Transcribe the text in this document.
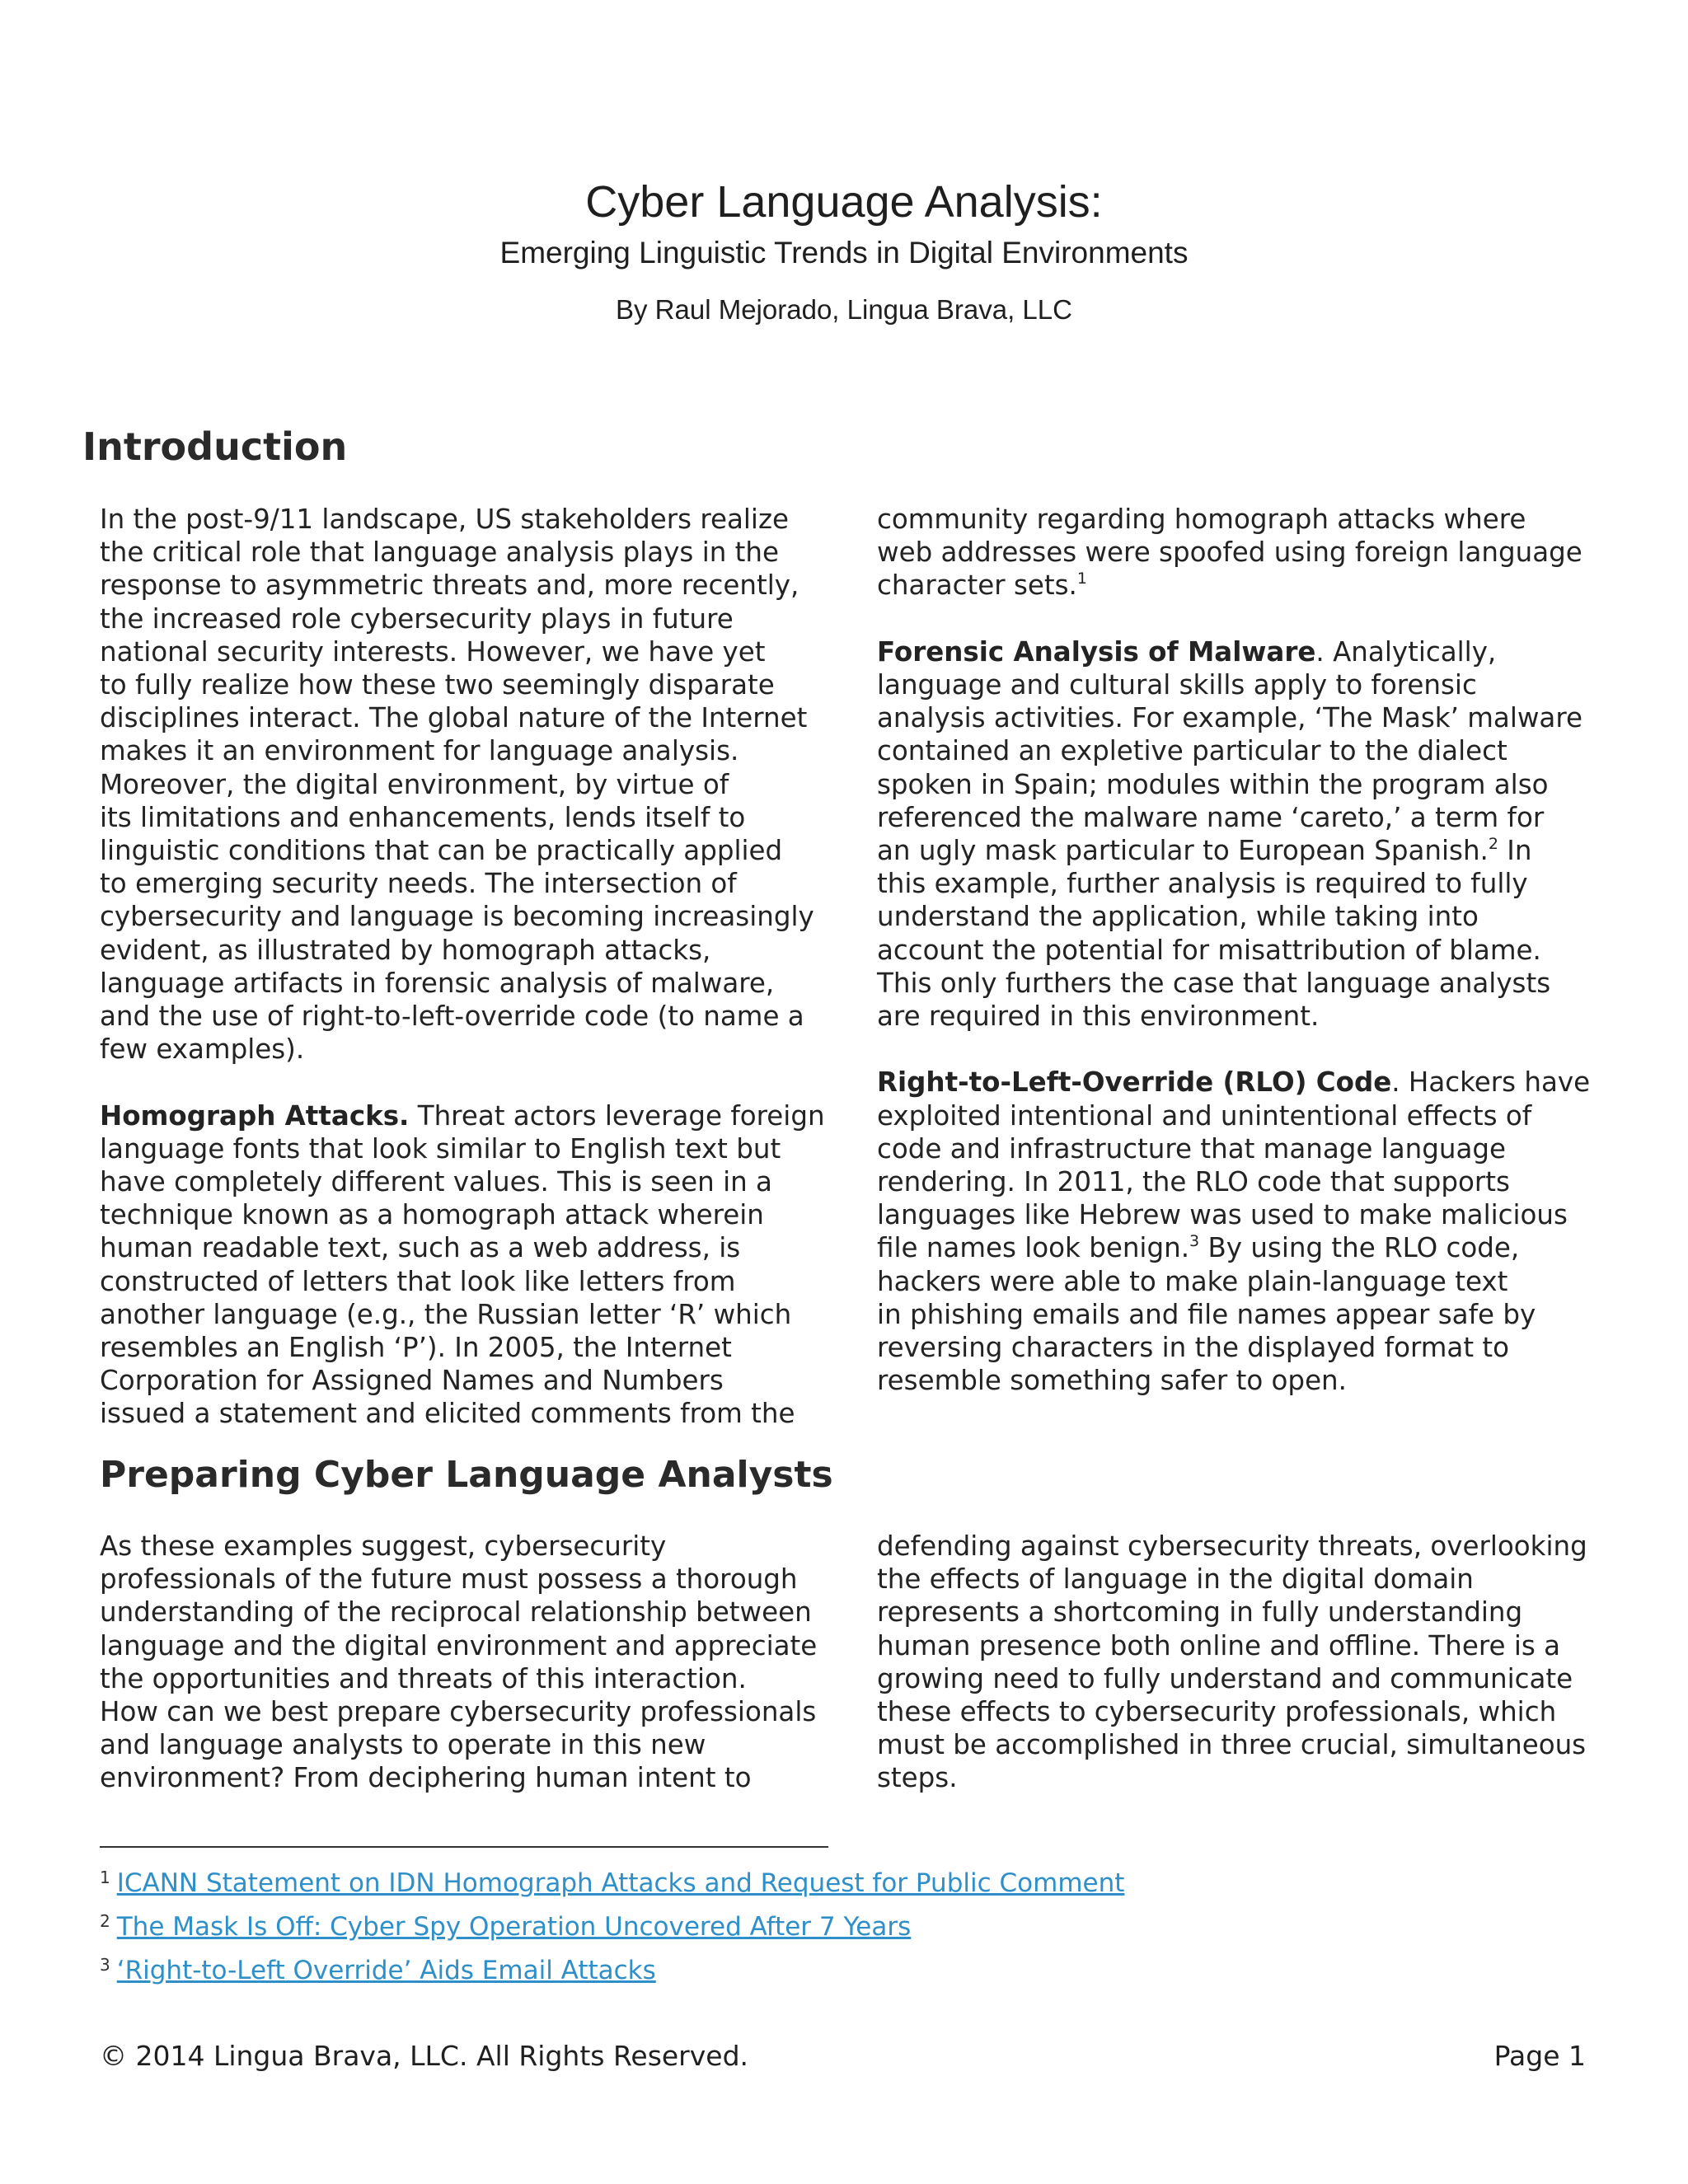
Cyber Language Analysis:
Emerging Linguistic Trends in Digital Environments
By Raul Mejorado, Lingua Brava, LLC
Introduction
In the post-9/11 landscape, US stakeholders realize
the critical role that language analysis plays in the
response to asymmetric threats and, more recently,
the increased role cybersecurity plays in future
national security interests. However, we have yet
to fully realize how these two seemingly disparate
disciplines interact. The global nature of the Internet
makes it an environment for language analysis.
Moreover, the digital environment, by virtue of
its limitations and enhancements, lends itself to
linguistic conditions that can be practically applied
to emerging security needs. The intersection of
cybersecurity and language is becoming increasingly
evident, as illustrated by homograph attacks,
language artifacts in forensic analysis of malware,
and the use of right-to-left-override code (to name a
few examples).
Homograph Attacks. Threat actors leverage foreign
language fonts that look similar to English text but
have completely different values. This is seen in a
technique known as a homograph attack wherein
human readable text, such as a web address, is
constructed of letters that look like letters from
another language (e.g., the Russian letter ‘R’ which
resembles an English ‘P’). In 2005, the Internet
Corporation for Assigned Names and Numbers
issued a statement and elicited comments from the
community regarding homograph attacks where
web addresses were spoofed using foreign language
character sets.$^1$
Forensic Analysis of Malware. Analytically,
language and cultural skills apply to forensic
analysis activities. For example, ‘The Mask’ malware
contained an expletive particular to the dialect
spoken in Spain; modules within the program also
referenced the malware name ‘careto,’ a term for
an ugly mask particular to European Spanish.$^2$ In
this example, further analysis is required to fully
understand the application, while taking into
account the potential for misattribution of blame.
This only furthers the case that language analysts
are required in this environment.
Right-to-Left-Override (RLO) Code. Hackers have
exploited intentional and unintentional effects of
code and infrastructure that manage language
rendering. In 2011, the RLO code that supports
languages like Hebrew was used to make malicious
file names look benign.$^3$ By using the RLO code,
hackers were able to make plain-language text
in phishing emails and file names appear safe by
reversing characters in the displayed format to
resemble something safer to open.
Preparing Cyber Language Analysts
As these examples suggest, cybersecurity
professionals of the future must possess a thorough
understanding of the reciprocal relationship between
language and the digital environment and appreciate
the opportunities and threats of this interaction.
How can we best prepare cybersecurity professionals
and language analysts to operate in this new
environment? From deciphering human intent to
defending against cybersecurity threats, overlooking
the effects of language in the digital domain
represents a shortcoming in fully understanding
human presence both online and offline. There is a
growing need to fully understand and communicate
these effects to cybersecurity professionals, which
must be accomplished in three crucial, simultaneous
steps.
$^1$ ICANN Statement on IDN Homograph Attacks and Request for Public Comment
$^2$ The Mask Is Off: Cyber Spy Operation Uncovered After 7 Years
$^3$ ‘Right-to-Left Override’ Aids Email Attacks
© 2014 Lingua Brava, LLC. All Rights Reserved.	Page 1
